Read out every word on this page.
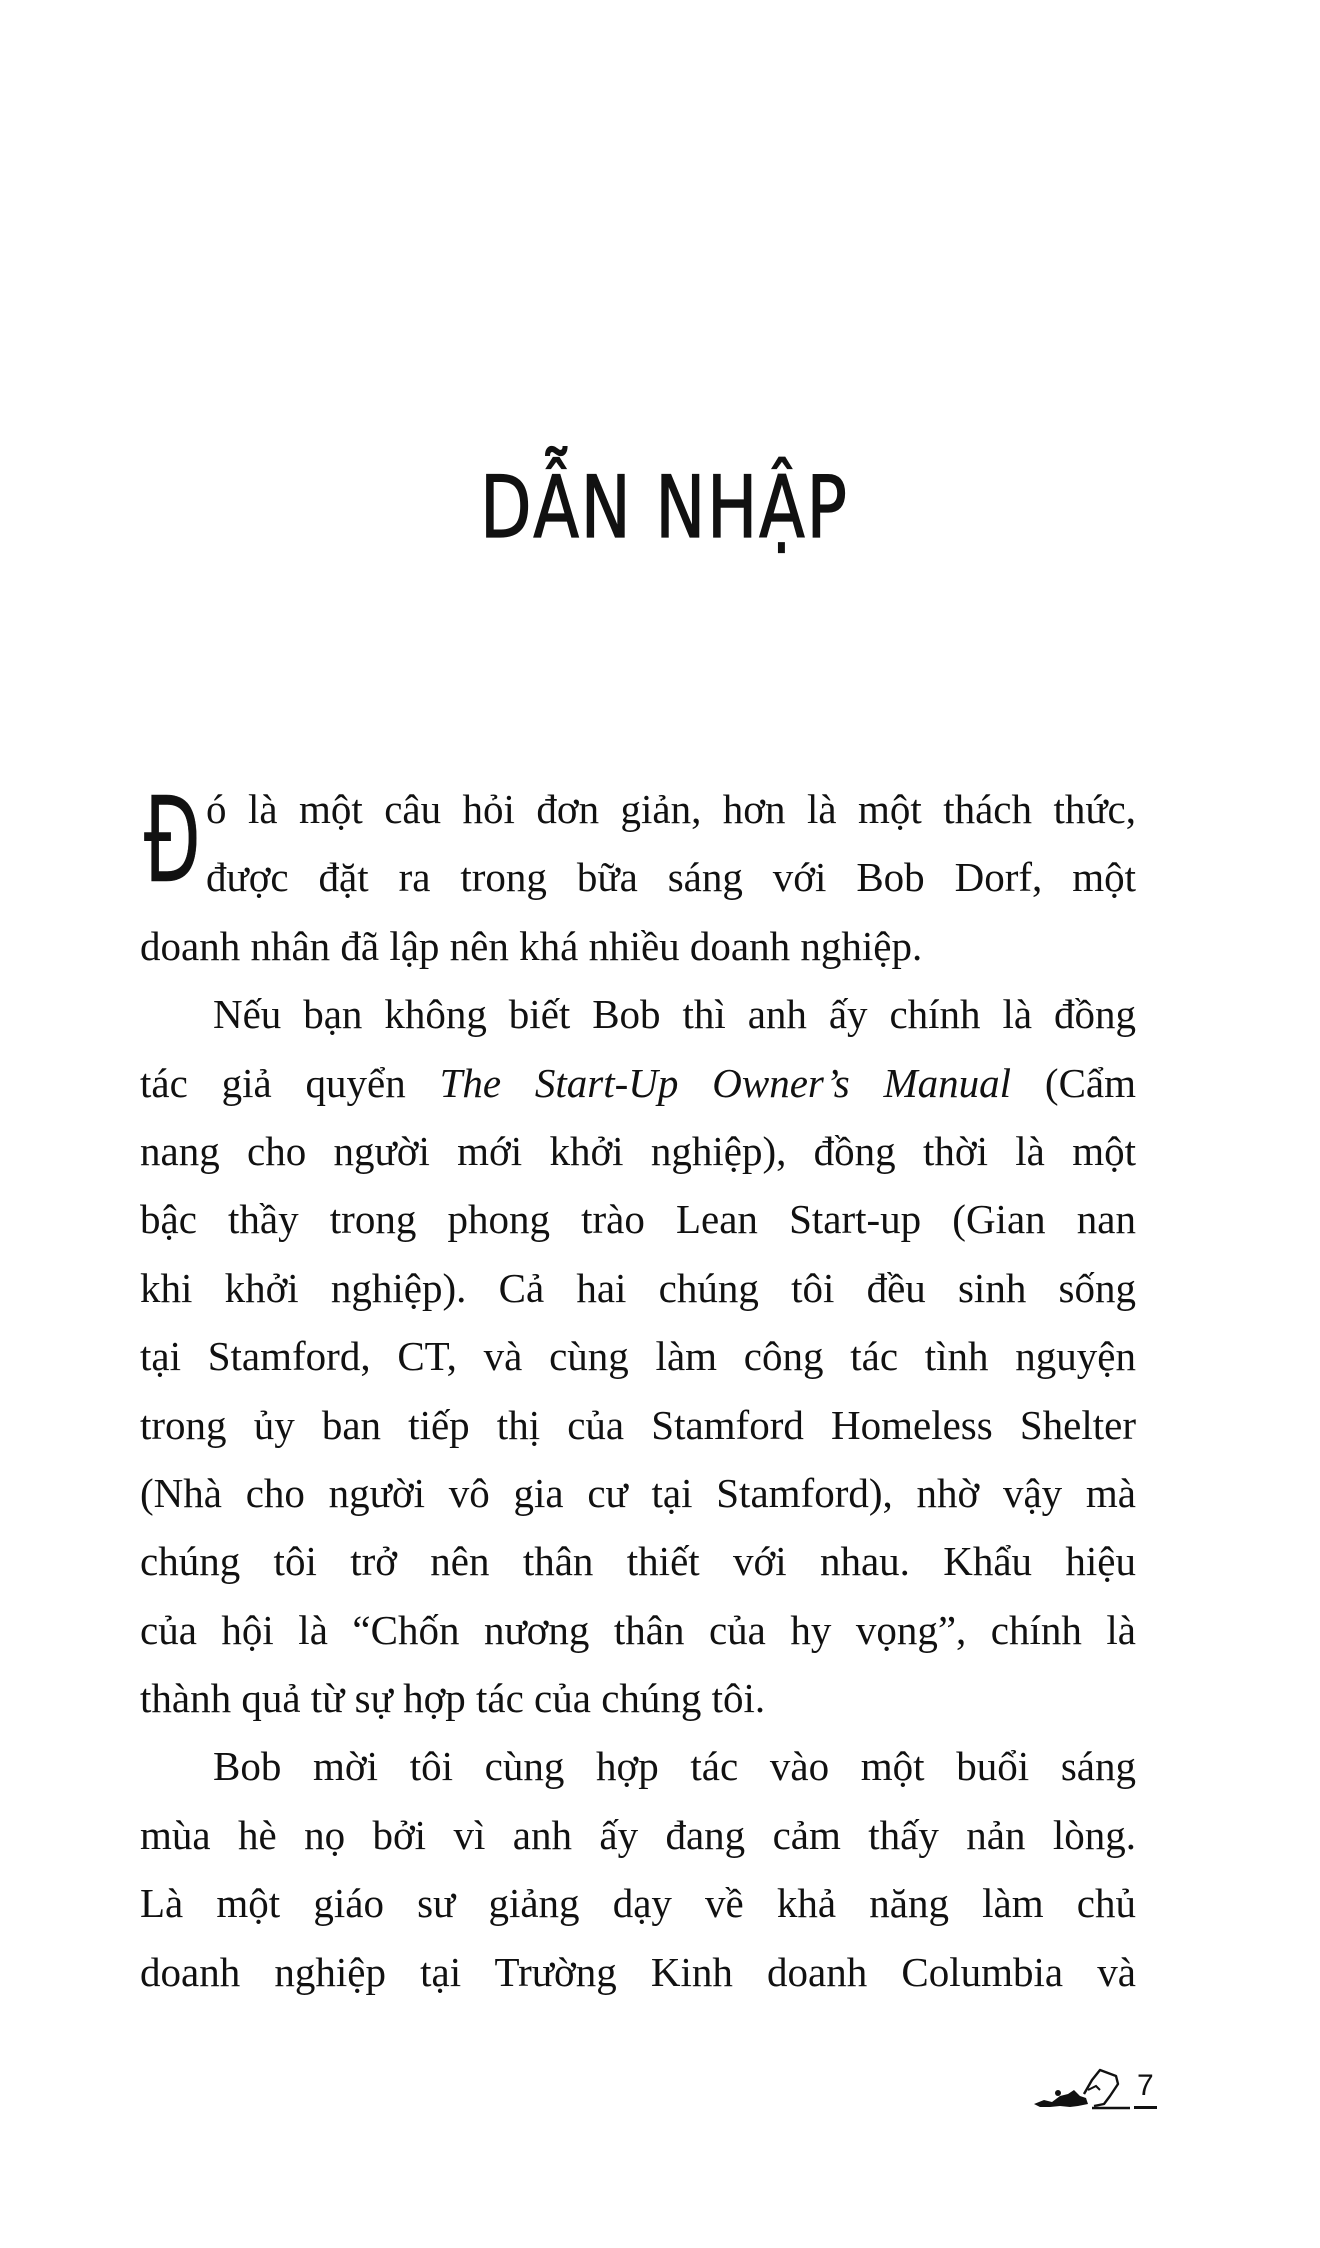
DẪN NHẬP
Đ ó là một câu hỏi đơn giản, hơn là một thách thức,
được đặt ra trong bữa sáng với Bob Dorf, một
doanh nhân đã lập nên khá nhiều doanh nghiệp.
Nếu bạn không biết Bob thì anh ấy chính là đồng
tác giả quyển The Start-Up Owner’s Manual (Cẩm
nang cho người mới khởi nghiệp), đồng thời là một
bậc thầy trong phong trào Lean Start-up (Gian nan
khi khởi nghiệp). Cả hai chúng tôi đều sinh sống
tại Stamford, CT, và cùng làm công tác tình nguyện
trong ủy ban tiếp thị của Stamford Homeless Shelter
(Nhà cho người vô gia cư tại Stamford), nhờ vậy mà
chúng tôi trở nên thân thiết với nhau. Khẩu hiệu
của hội là “Chốn nương thân của hy vọng”, chính là
thành quả từ sự hợp tác của chúng tôi.
Bob mời tôi cùng hợp tác vào một buổi sáng
mùa hè nọ bởi vì anh ấy đang cảm thấy nản lòng.
Là một giáo sư giảng dạy về khả năng làm chủ
doanh nghiệp tại Trường Kinh doanh Columbia và
7
